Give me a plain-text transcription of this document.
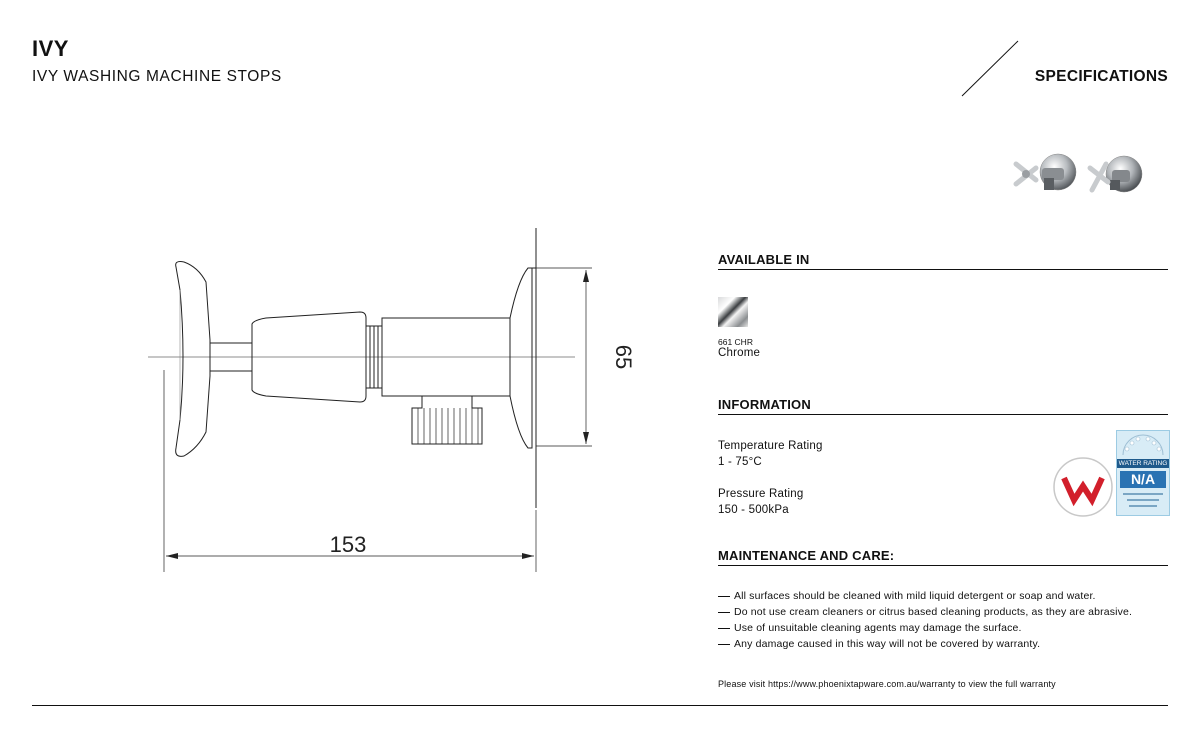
IVY
IVY WASHING MACHINE STOPS	SPECIFICATIONS
153
65
AVAILABLE IN
661 CHR
Chrome
INFORMATION
Temperature Rating
1 - 75°C
Pressure Rating
150 - 500kPa
WATER RATING
N/A
MAINTENANCE AND CARE:
All surfaces should be cleaned with mild liquid detergent or soap and water.
Do not use cream cleaners or citrus based cleaning products, as they are abrasive.
Use of unsuitable cleaning agents may damage the surface.
Any damage caused in this way will not be covered by warranty.
Please visit https://www.phoenixtapware.com.au/warranty to view the full warranty
